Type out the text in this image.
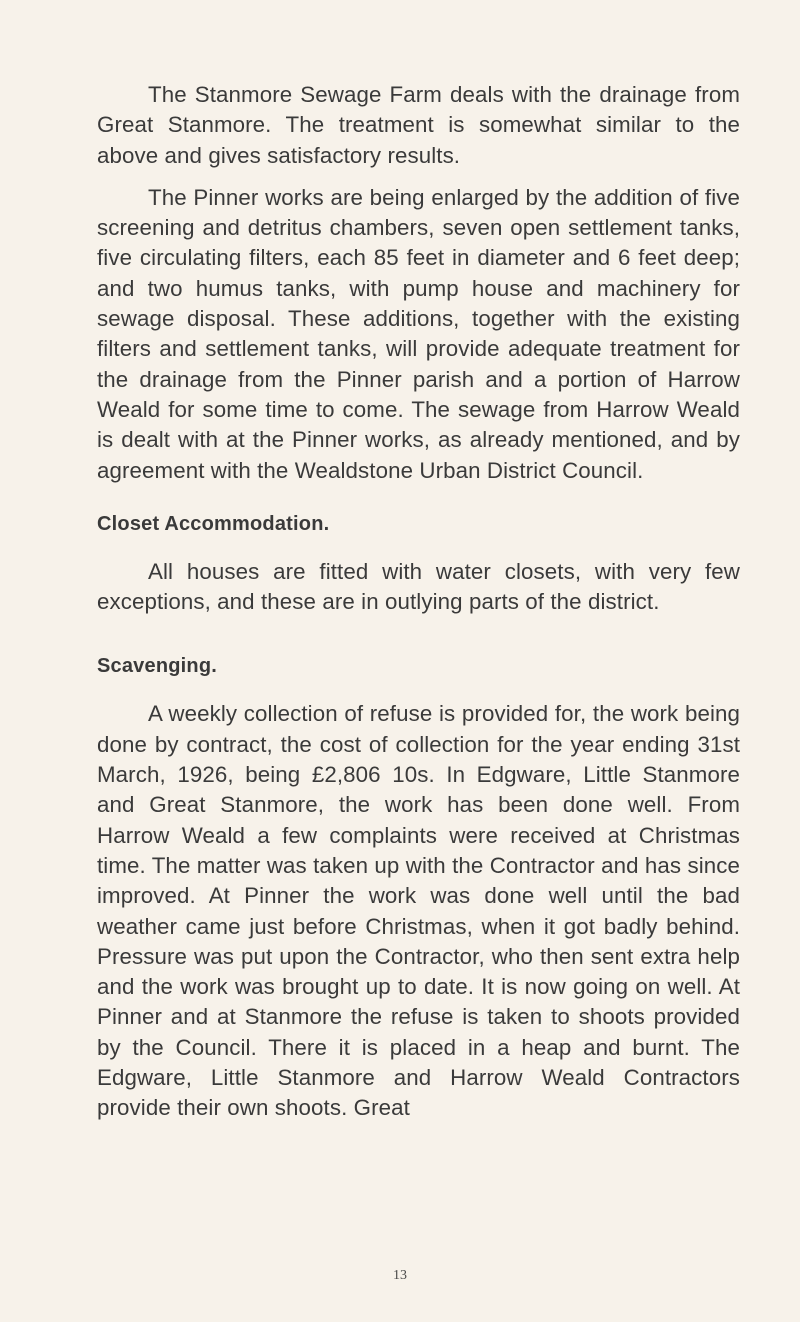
The Stanmore Sewage Farm deals with the drainage from Great Stanmore. The treatment is somewhat similar to the above and gives satisfactory results.

The Pinner works are being enlarged by the addition of five screening and detritus chambers, seven open settlement tanks, five circulating filters, each 85 feet in diameter and 6 feet deep; and two humus tanks, with pump house and machinery for sewage disposal. These additions, together with the existing filters and settlement tanks, will provide adequate treatment for the drainage from the Pinner parish and a portion of Harrow Weald for some time to come. The sewage from Harrow Weald is dealt with at the Pinner works, as already mentioned, and by agreement with the Wealdstone Urban District Council.

Closet Accommodation.

All houses are fitted with water closets, with very few exceptions, and these are in outlying parts of the district.

Scavenging.

A weekly collection of refuse is provided for, the work being done by contract, the cost of collection for the year ending 31st March, 1926, being £2,806 10s. In Edgware, Little Stanmore and Great Stanmore, the work has been done well. From Harrow Weald a few complaints were received at Christmas time. The matter was taken up with the Contractor and has since improved. At Pinner the work was done well until the bad weather came just before Christmas, when it got badly behind. Pressure was put upon the Contractor, who then sent extra help and the work was brought up to date. It is now going on well. At Pinner and at Stanmore the refuse is taken to shoots provided by the Council. There it is placed in a heap and burnt. The Edgware, Little Stanmore and Harrow Weald Contractors provide their own shoots. Great

13
